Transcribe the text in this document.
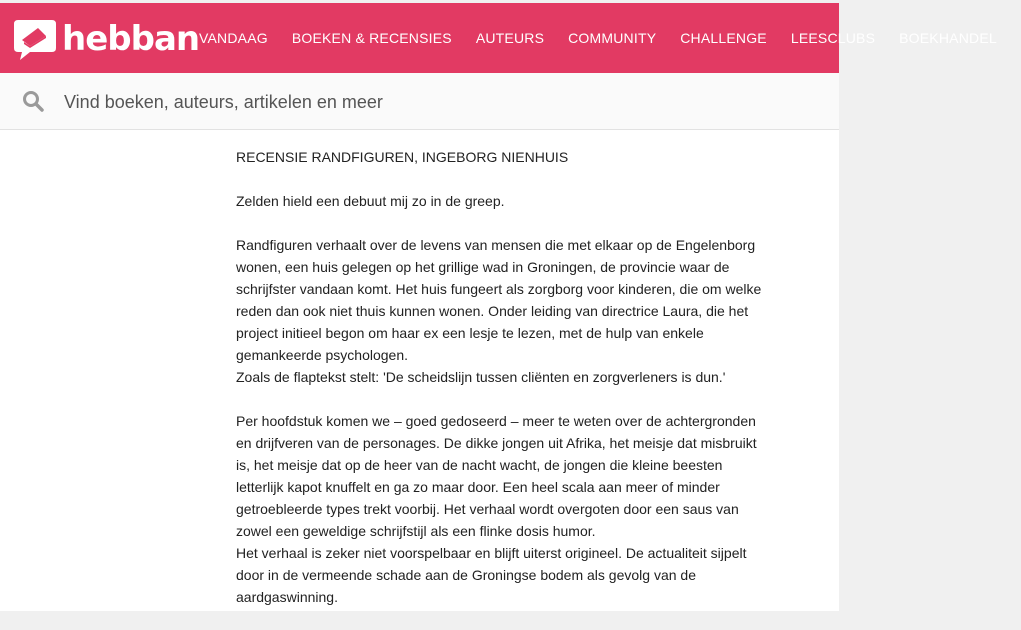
hebban VANDAAG BOEKEN & RECENSIES AUTEURS COMMUNITY CHALLENGE LEESCLUBS BOEKHANDEL
Vind boeken, auteurs, artikelen en meer

RECENSIE RANDFIGUREN, INGEBORG NIENHUIS

Zelden hield een debuut mij zo in de greep.

Randfiguren verhaalt over de levens van mensen die met elkaar op de Engelenborg wonen, een huis gelegen op het grillige wad in Groningen, de provincie waar de schrijfster vandaan komt. Het huis fungeert als zorgborg voor kinderen, die om welke reden dan ook niet thuis kunnen wonen. Onder leiding van directrice Laura, die het project initieel begon om haar ex een lesje te lezen, met de hulp van enkele gemankeerde psychologen.

Zoals de flaptekst stelt: 'De scheidslijn tussen cliënten en zorgverleners is dun.'

Per hoofdstuk komen we – goed gedoseerd – meer te weten over de achtergronden en drijfveren van de personages. De dikke jongen uit Afrika, het meisje dat misbruikt is, het meisje dat op de heer van de nacht wacht, de jongen die kleine beesten letterlijk kapot knuffelt en ga zo maar door. Een heel scala aan meer of minder getroebleerde types trekt voorbij. Het verhaal wordt overgoten door een saus van zowel een geweldige schrijfstijl als een flinke dosis humor.

Het verhaal is zeker niet voorspelbaar en blijft uiterst origineel. De actualiteit sijpelt door in de vermeende schade aan de Groningse bodem als gevolg van de aardgaswinning.
